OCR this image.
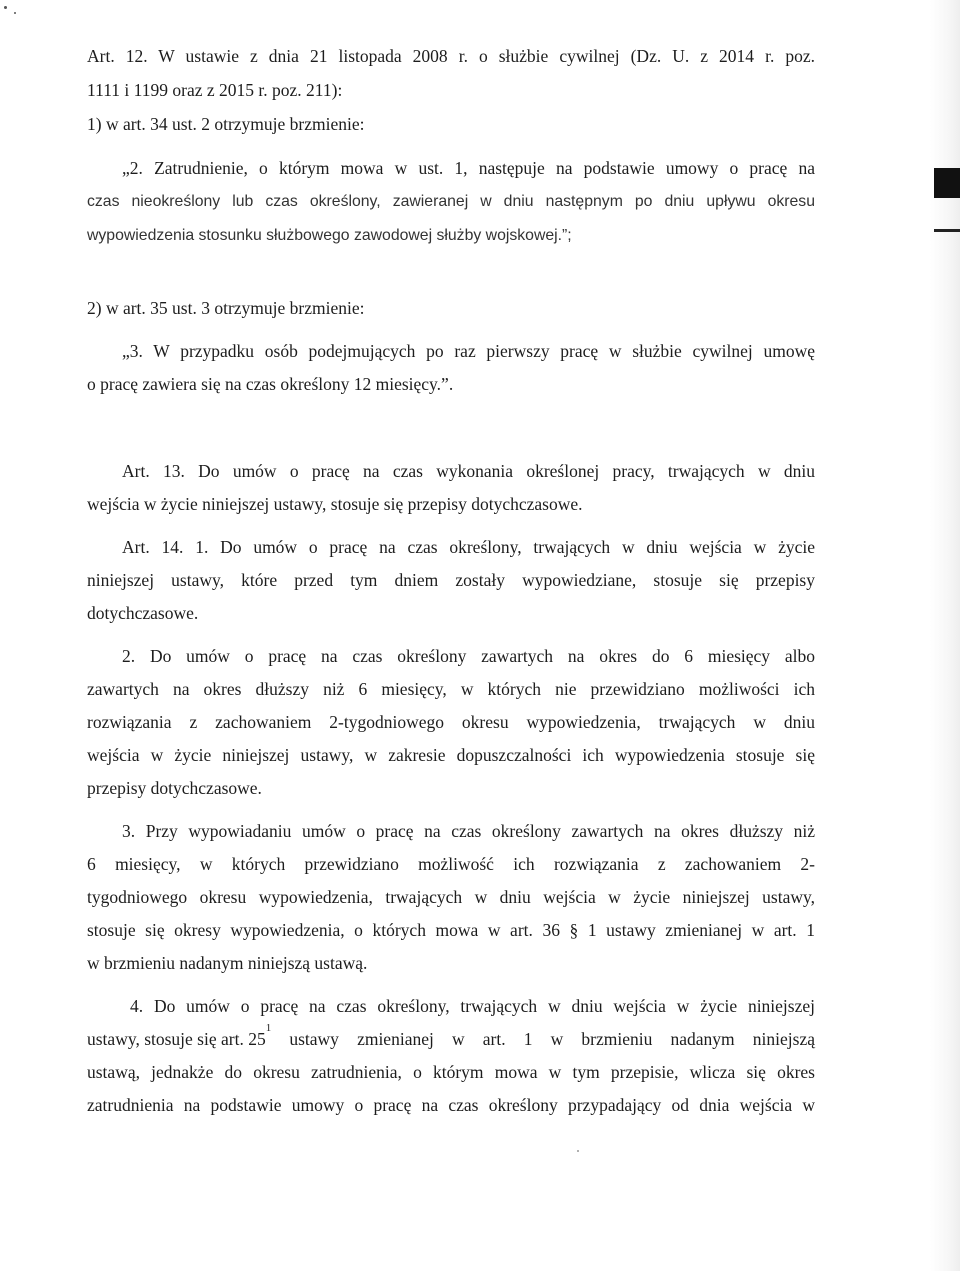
Art. 12. W ustawie z dnia 21 listopada 2008 r. o służbie cywilnej (Dz. U. z 2014 r. poz.
1111 i 1199 oraz z 2015 r. poz. 211):
1) w art. 34 ust. 2 otrzymuje brzmienie:
„2. Zatrudnienie, o którym mowa w ust. 1, następuje na podstawie umowy o pracę na
czas nieokreślony lub czas określony, zawieranej w dniu następnym po dniu upływu okresu
wypowiedzenia stosunku służbowego zawodowej służby wojskowej.”;
2) w art. 35 ust. 3 otrzymuje brzmienie:
„3. W przypadku osób podejmujących po raz pierwszy pracę w służbie cywilnej umowę
o pracę zawiera się na czas określony 12 miesięcy.”.
Art. 13. Do umów o pracę na czas wykonania określonej pracy, trwających w dniu
wejścia w życie niniejszej ustawy, stosuje się przepisy dotychczasowe.
Art. 14. 1. Do umów o pracę na czas określony, trwających w dniu wejścia w życie
niniejszej ustawy, które przed tym dniem zostały wypowiedziane, stosuje się przepisy
dotychczasowe.
2. Do umów o pracę na czas określony zawartych na okres do 6 miesięcy albo
zawartych na okres dłuższy niż 6 miesięcy, w których nie przewidziano możliwości ich
rozwiązania z zachowaniem 2-tygodniowego okresu wypowiedzenia, trwających w dniu
wejścia w życie niniejszej ustawy, w zakresie dopuszczalności ich wypowiedzenia stosuje się
przepisy dotychczasowe.
3. Przy wypowiadaniu umów o pracę na czas określony zawartych na okres dłuższy niż
6 miesięcy, w których przewidziano możliwość ich rozwiązania z zachowaniem 2-
tygodniowego okresu wypowiedzenia, trwających w dniu wejścia w życie niniejszej ustawy,
stosuje się okresy wypowiedzenia, o których mowa w art. 36 § 1 ustawy zmienianej w art. 1
w brzmieniu nadanym niniejszą ustawą.
4. Do umów o pracę na czas określony, trwających w dniu wejścia w życie niniejszej
ustawy, stosuje się art. 25
1
ustawy zmienianej w art. 1 w brzmieniu nadanym niniejszą
ustawą, jednakże do okresu zatrudnienia, o którym mowa w tym przepisie, wlicza się okres
zatrudnienia na podstawie umowy o pracę na czas określony przypadający od dnia wejścia w
